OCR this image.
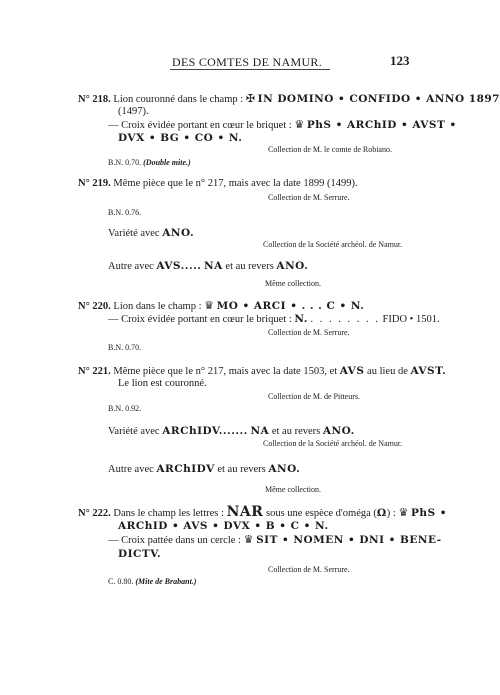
DES COMTES DE NAMUR.	123
N° 218. Lion couronné dans le champ : ✠ IN DOMINO • CONFIDO • ANNO 1897
(1497).
— Croix évidée portant en cœur le briquet : ♛ PhS • ARChID • AVST •
DVX • BG • CO • N.
Collection de M. le comte de Robiano.
B.N. 0.70. (Double mite.)
N° 219. Même pièce que le n° 217, mais avec la date 1899 (1499).
Collection de M. Serrure.
B.N. 0.76.
Variété avec ANO.
Collection de la Société archéol. de Namur.
Autre avec AVS..... NA et au revers ANO.
Même collection.
N° 220. Lion dans le champ : ♛ MO • ARCI • . . . C • N.
— Croix évidée portant en cœur le briquet : N. . . . . . . . . FIDO • 1501.
Collection de M. Serrure.
B.N. 0.70.
N° 221. Même pièce que le n° 217, mais avec la date 1503, et AVS au lieu de AVST.
Le lion est couronné.
Collection de M. de Pitteurs.
B.N. 0.92.
Variété avec ARChIDV....... NA et au revers ANO.
Collection de la Société archéol. de Namur.
Autre avec ARChIDV et au revers ANO.
Même collection.
N° 222. Dans le champ les lettres : NAR sous une espèce d'oméga (Ω) : ♛ PhS •
ARChID • AVS • DVX • B • C • N.
— Croix pattée dans un cercle : ♛ SIT • NOMEN • DNI • BENE-
DICTV.
Collection de M. Serrure.
C. 0.80. (Mite de Brabant.)
